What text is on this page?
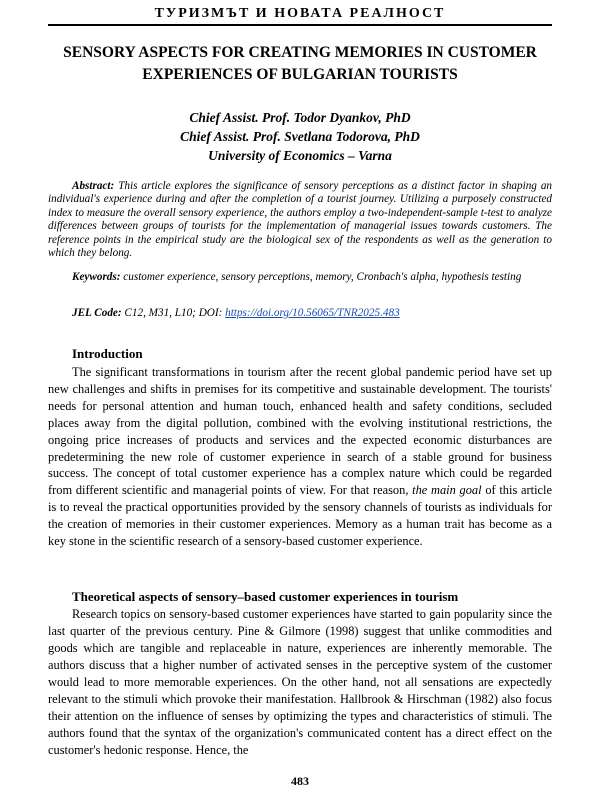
ТУРИЗМЪТ И НОВАТА РЕАЛНОСТ
SENSORY ASPECTS FOR CREATING MEMORIES IN CUSTOMER EXPERIENCES OF BULGARIAN TOURISTS
Chief Assist. Prof. Todor Dyankov, PhD
Chief Assist. Prof. Svetlana Todorova, PhD
University of Economics – Varna

Abstract: This article explores the significance of sensory perceptions as a distinct factor in shaping an individual's experience during and after the completion of a tourist journey. Utilizing a purposely constructed index to measure the overall sensory experience, the authors employ a two-independent-sample t-test to analyze differences between groups of tourists for the implementation of managerial issues towards customers. The reference points in the empirical study are the biological sex of the respondents as well as the generation to which they belong.

Keywords: customer experience, sensory perceptions, memory, Cronbach's alpha, hypothesis testing

JEL Code: C12, M31, L10; DOI: https://doi.org/10.56065/TNR2025.483
Introduction

The significant transformations in tourism after the recent global pandemic period have set up new challenges and shifts in premises for its competitive and sustainable development. The tourists' needs for personal attention and human touch, enhanced health and safety conditions, secluded places away from the digital pollution, combined with the evolving institutional restrictions, the ongoing price increases of products and services and the expected economic disturbances are predetermining the new role of customer experience in search of a stable ground for business success. The concept of total customer experience has a complex nature which could be regarded from different scientific and managerial points of view. For that reason, the main goal of this article is to reveal the practical opportunities provided by the sensory channels of tourists as individuals for the creation of memories in their customer experiences. Memory as a human trait has become as a key stone in the scientific research of a sensory-based customer experience.

Theoretical aspects of sensory–based customer experiences in tourism

Research topics on sensory-based customer experiences have started to gain popularity since the last quarter of the previous century. Pine & Gilmore (1998) suggest that unlike commodities and goods which are tangible and replaceable in nature, experiences are inherently memorable. The authors discuss that a higher number of activated senses in the perceptive system of the customer would lead to more memorable experiences. On the other hand, not all sensations are expectedly relevant to the stimuli which provoke their manifestation. Hallbrook & Hirschman (1982) also focus their attention on the influence of senses by optimizing the types and characteristics of stimuli. The authors found that the syntax of the organization's communicated content has a direct effect on the customer's hedonic response. Hence, the

483
